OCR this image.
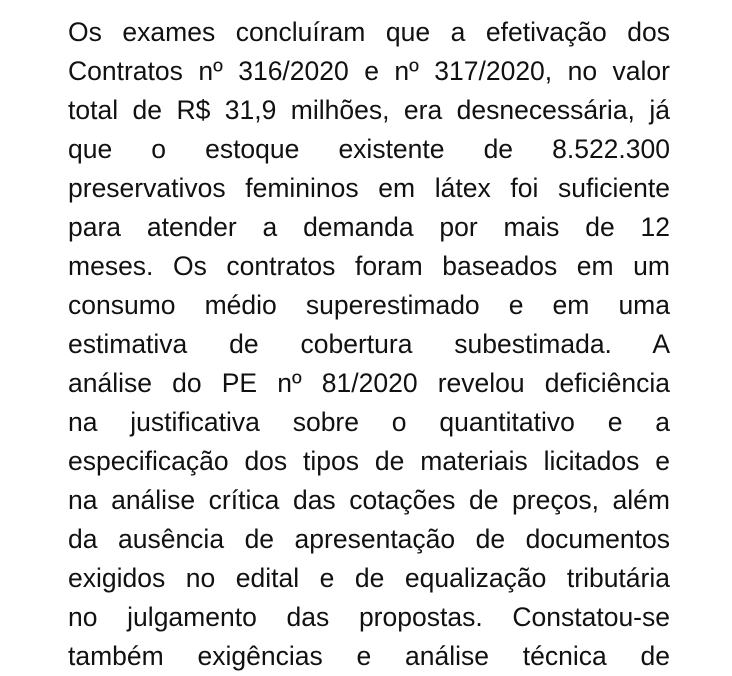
Os exames concluíram que a efetivação dos
Contratos nº 316/2020 e nº 317/2020, no valor
total de R$ 31,9 milhões, era desnecessária, já
que o estoque existente de 8.522.300
preservativos femininos em látex foi suficiente
para atender a demanda por mais de 12
meses. Os contratos foram baseados em um
consumo médio superestimado e em uma
estimativa de cobertura subestimada. A
análise do PE nº 81/2020 revelou deficiência
na justificativa sobre o quantitativo e a
especificação dos tipos de materiais licitados e
na análise crítica das cotações de preços, além
da ausência de apresentação de documentos
exigidos no edital e de equalização tributária
no julgamento das propostas. Constatou-se
também exigências e análise técnica de
